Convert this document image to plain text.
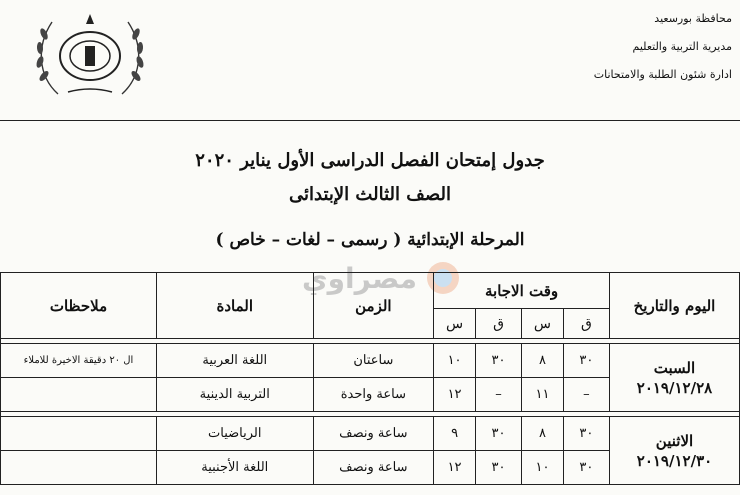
محافظة بورسعيد
مديرية التربية والتعليم
ادارة شئون الطلبة والامتحانات
جدول إمتحان الفصل الدراسى الأول يناير ٢٠٢٠
الصف الثالث الإبتدائى
المرحلة الإبتدائية ( رسمى – لغات – خاص )
مصراوي
اليوم والتاريخ	وقت الاجابة				الزمن	المادة	ملاحظات
	ق	س	ق	س			

السبت
٢٠١٩/١٢/٢٨	٣٠	٨	٣٠	١٠	ساعتان	اللغة العربية	ال ٢٠ دقيقة الاخيرة للاملاء
	–	١١	–	١٢	ساعة واحدة	التربية الدينية	

الاثنين
٢٠١٩/١٢/٣٠	٣٠	٨	٣٠	٩	ساعة ونصف	الرياضيات	
	٣٠	١٠	٣٠	١٢	ساعة ونصف	اللغة الأجنبية	
